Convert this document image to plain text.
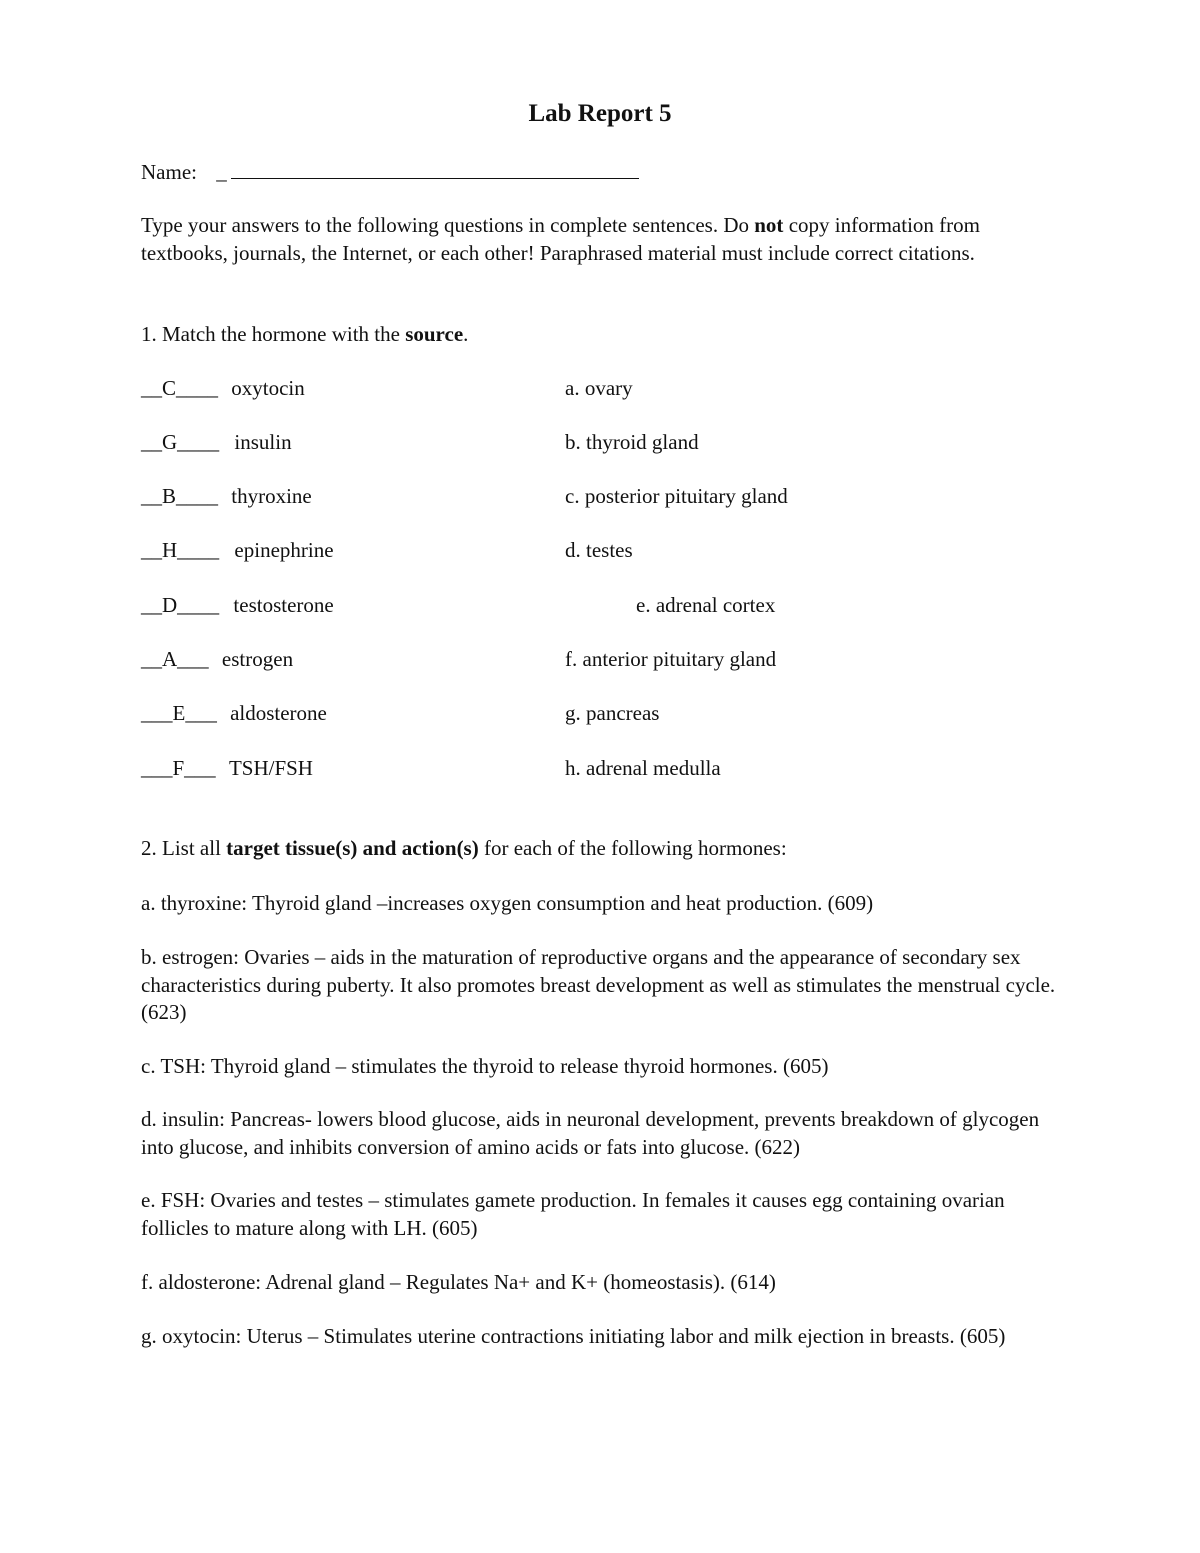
Lab Report 5
Name: _
Type your answers to the following questions in complete sentences. Do not copy information from textbooks, journals, the Internet, or each other! Paraphrased material must include correct citations.
1. Match the hormone with the source.
__C____ oxytocin	a. ovary
__G____ insulin	b. thyroid gland
__B____ thyroxine	c. posterior pituitary gland
__H____ epinephrine	d. testes
__D____ testosterone	e. adrenal cortex
__A___ estrogen	f. anterior pituitary gland
___E___ aldosterone	g. pancreas
___F___ TSH/FSH	h. adrenal medulla
2. List all target tissue(s) and action(s) for each of the following hormones:
a. thyroxine: Thyroid gland –increases oxygen consumption and heat production. (609)
b. estrogen: Ovaries – aids in the maturation of reproductive organs and the appearance of secondary sex characteristics during puberty. It also promotes breast development as well as stimulates the menstrual cycle. (623)
c. TSH: Thyroid gland – stimulates the thyroid to release thyroid hormones. (605)
d. insulin: Pancreas- lowers blood glucose, aids in neuronal development, prevents breakdown of glycogen into glucose, and inhibits conversion of amino acids or fats into glucose. (622)
e. FSH: Ovaries and testes – stimulates gamete production. In females it causes egg containing ovarian follicles to mature along with LH. (605)
f. aldosterone: Adrenal gland – Regulates Na+ and K+ (homeostasis). (614)
g. oxytocin: Uterus – Stimulates uterine contractions initiating labor and milk ejection in breasts. (605)
